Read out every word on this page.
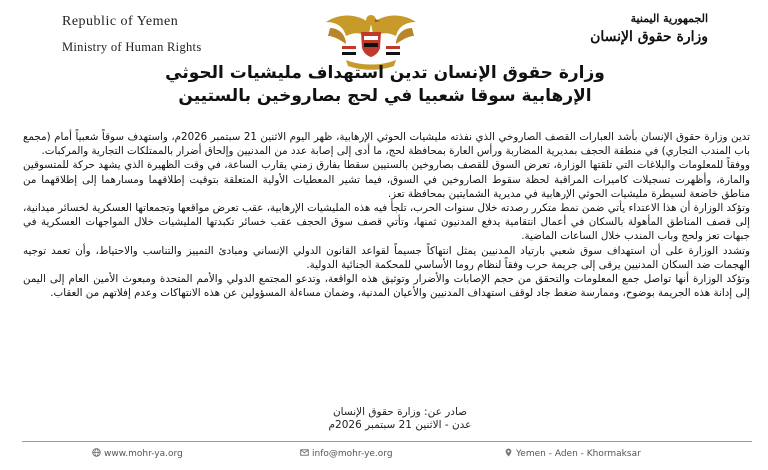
Republic of Yemen
Ministry of Human Rights
الجمهورية اليمنية
وزارة حقوق الإنسان
وزارة حقوق الإنسان تدين استهداف مليشيات الحوثي
الإرهابية سوقا شعبيا في لحج بصاروخين بالستيين

تدين وزارة حقوق الإنسان بأشد العبارات القصف الصاروخي الذي نفذته مليشيات الحوثي الإرهابية، ظهر اليوم الاثنين 21 سبتمبر 2026م، واستهدف سوقاً شعبياً أمام (مجمع باب المندب التجاري) في منطقة الحجف بمديرية المضاربة ورأس العارة بمحافظة لحج، ما أدى إلى إصابة عدد من المدنيين وإلحاق أضرار بالممتلكات التجارية والمركبات.

ووفقاً للمعلومات والبلاغات التي تلقتها الوزارة، تعرض السوق للقصف بصاروخين بالستيين سقطا بفارق زمني يقارب الساعة، في وقت الظهيرة الذي يشهد حركة للمتسوقين والمارة، وأظهرت تسجيلات كاميرات المراقبة لحظة سقوط الصاروخين في السوق، فيما تشير المعطيات الأولية المتعلقة بتوقيت إطلاقهما ومسارهما إلى إطلاقهما من مناطق خاضعة لسيطرة مليشيات الحوثي الإرهابية في مديرية الشمايتين بمحافظة تعز.

وتؤكد الوزارة أن هذا الاعتداء يأتي ضمن نمط متكرر رصدته خلال سنوات الحرب، تلجأ فيه هذه المليشيات الإرهابية، عقب تعرض مواقعها وتجمعاتها العسكرية لخسائر ميدانية، إلى قصف المناطق المأهولة بالسكان في أعمال انتقامية يدفع المدنيون ثمنها، وتأتي قصف سوق الحجف عقب خسائر تكبدتها المليشيات خلال المواجهات العسكرية في جبهات تعز ولحج وباب المندب خلال الساعات الماضية.

وتشدد الوزارة على أن استهداف سوق شعبي بارتياد المدنيين يمثل انتهاكاً جسيماً لقواعد القانون الدولي الإنساني ومبادئ التمييز والتناسب والاحتياط، وأن تعمد توجيه الهجمات ضد السكان المدنيين يرقى إلى جريمة حرب وفقاً لنظام روما الأساسي للمحكمة الجنائية الدولية.

وتؤكد الوزارة أنها تواصل جمع المعلومات والتحقق من حجم الإصابات والأضرار وتوثيق هذه الواقعة، وتدعو المجتمع الدولي والأمم المتحدة ومبعوث الأمين العام إلى اليمن إلى إدانة هذه الجريمة بوضوح، وممارسة ضغط جاد لوقف استهداف المدنيين والأعيان المدنية، وضمان مساءلة المسؤولين عن هذه الانتهاكات وعدم إفلاتهم من العقاب.

صادر عن: وزارة حقوق الإنسان
عدن - الاثنين 21 سبتمبر 2026م
www.mohr-ya.org	info@mohr-ye.org	Yemen - Aden - Khormaksar
